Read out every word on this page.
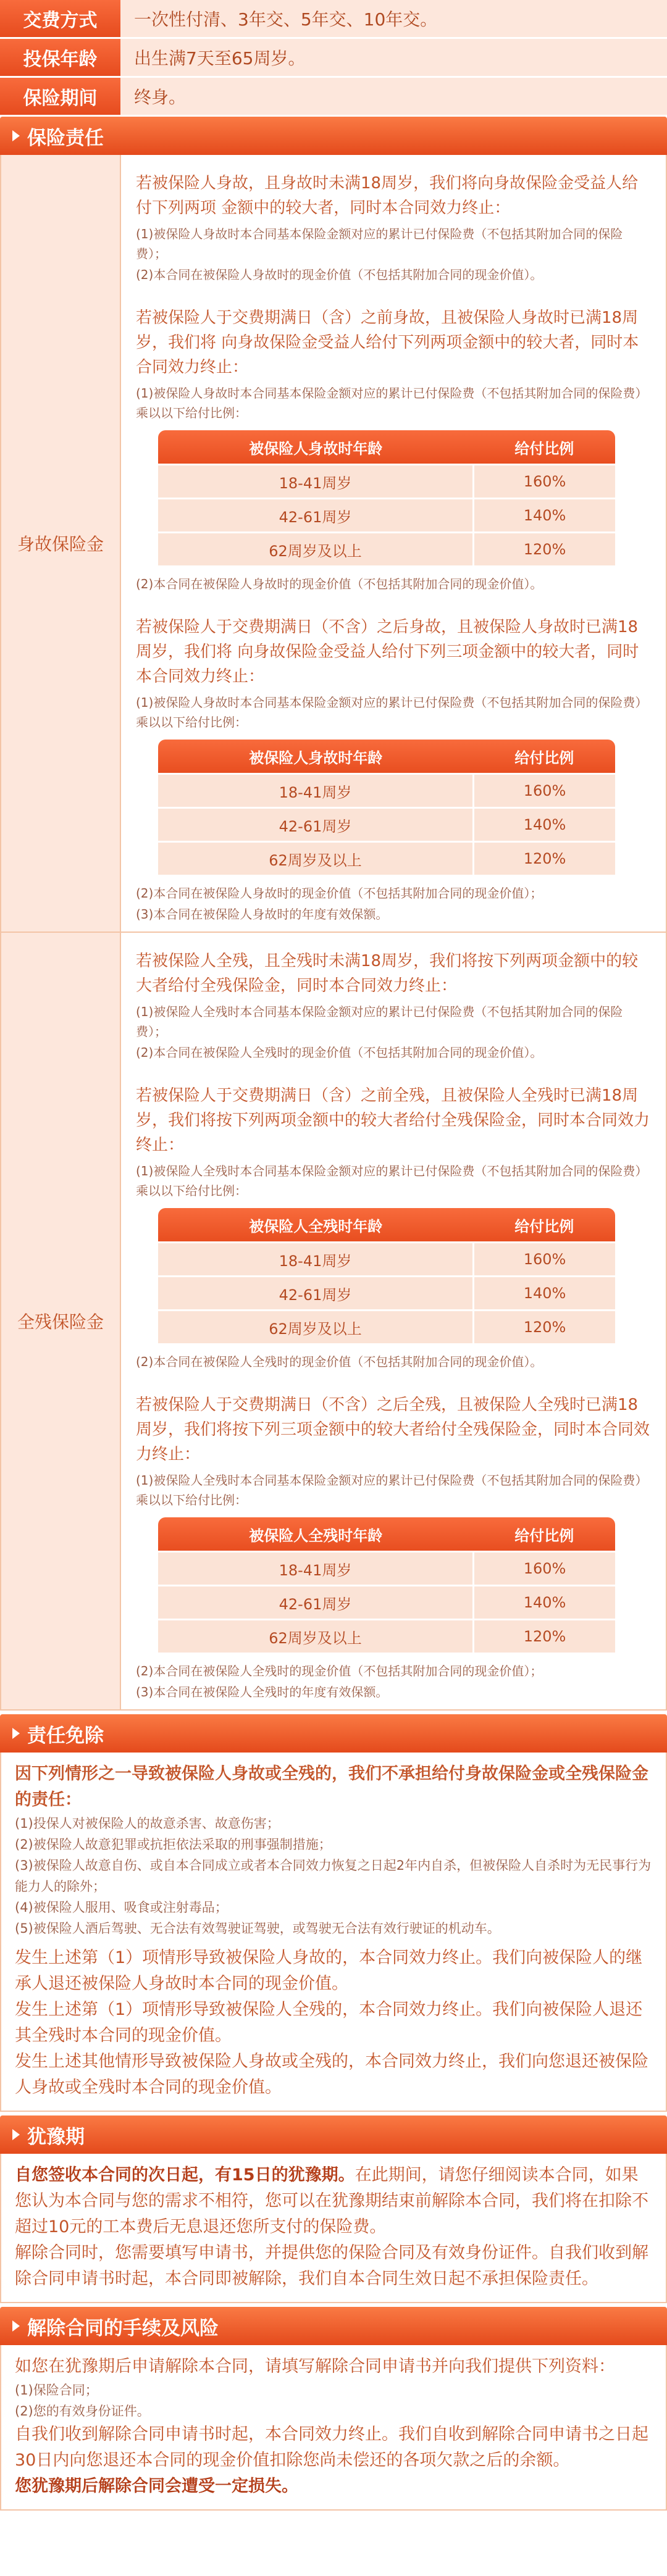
交费方式	一次性付清、3年交、5年交、10年交。
投保年龄	出生满7天至65周岁。
保险期间	终身。
保险责任
身故保险金

若被保险人身故，且身故时未满18周岁，我们将向身故保险金受益人给付下列两项 金额中的较大者，同时本合同效力终止：

(1)被保险人身故时本合同基本保险金额对应的累计已付保险费（不包括其附加合同的保险费）；

(2)本合同在被保险人身故时的现金价值（不包括其附加合同的现金价值）。

若被保险人于交费期满日（含）之前身故，且被保险人身故时已满18周岁，我们将 向身故保险金受益人给付下列两项金额中的较大者，同时本合同效力终止：

(1)被保险人身故时本合同基本保险金额对应的累计已付保险费（不包括其附加合同的保险费）乘以以下给付比例：

被保险人身故时年龄	给付比例
18-41周岁	160%
42-61周岁	140%
62周岁及以上	120%

(2)本合同在被保险人身故时的现金价值（不包括其附加合同的现金价值）。

若被保险人于交费期满日（不含）之后身故，且被保险人身故时已满18周岁，我们将 向身故保险金受益人给付下列三项金额中的较大者，同时本合同效力终止：

(1)被保险人身故时本合同基本保险金额对应的累计已付保险费（不包括其附加合同的保险费）乘以以下给付比例：

被保险人身故时年龄	给付比例
18-41周岁	160%
42-61周岁	140%
62周岁及以上	120%

(2)本合同在被保险人身故时的现金价值（不包括其附加合同的现金价值）；

(3)本合同在被保险人身故时的年度有效保额。

全残保险金

若被保险人全残，且全残时未满18周岁，我们将按下列两项金额中的较大者给付全残保险金，同时本合同效力终止：

(1)被保险人全残时本合同基本保险金额对应的累计已付保险费（不包括其附加合同的保险费）；

(2)本合同在被保险人全残时的现金价值（不包括其附加合同的现金价值）。

若被保险人于交费期满日（含）之前全残，且被保险人全残时已满18周岁，我们将按下列两项金额中的较大者给付全残保险金，同时本合同效力终止：

(1)被保险人全残时本合同基本保险金额对应的累计已付保险费（不包括其附加合同的保险费）乘以以下给付比例：

被保险人全残时年龄	给付比例
18-41周岁	160%
42-61周岁	140%
62周岁及以上	120%

(2)本合同在被保险人全残时的现金价值（不包括其附加合同的现金价值）。

若被保险人于交费期满日（不含）之后全残，且被保险人全残时已满18周岁，我们将按下列三项金额中的较大者给付全残保险金，同时本合同效力终止：

(1)被保险人全残时本合同基本保险金额对应的累计已付保险费（不包括其附加合同的保险费）乘以以下给付比例：

被保险人全残时年龄	给付比例
18-41周岁	160%
42-61周岁	140%
62周岁及以上	120%

(2)本合同在被保险人全残时的现金价值（不包括其附加合同的现金价值）；

(3)本合同在被保险人全残时的年度有效保额。

责任免除

因下列情形之一导致被保险人身故或全残的，我们不承担给付身故保险金或全残保险金的责任：

(1)投保人对被保险人的故意杀害、故意伤害；

(2)被保险人故意犯罪或抗拒依法采取的刑事强制措施；

(3)被保险人故意自伤、或自本合同成立或者本合同效力恢复之日起2年内自杀，但被保险人自杀时为无民事行为能力人的除外；

(4)被保险人服用、吸食或注射毒品；

(5)被保险人酒后驾驶、无合法有效驾驶证驾驶，或驾驶无合法有效行驶证的机动车。

发生上述第（1）项情形导致被保险人身故的，本合同效力终止。我们向被保险人的继承人退还被保险人身故时本合同的现金价值。

发生上述第（1）项情形导致被保险人全残的，本合同效力终止。我们向被保险人退还其全残时本合同的现金价值。

发生上述其他情形导致被保险人身故或全残的，本合同效力终止，我们向您退还被保险人身故或全残时本合同的现金价值。

犹豫期

自您签收本合同的次日起，有15日的犹豫期。在此期间，请您仔细阅读本合同，如果您认为本合同与您的需求不相符，您可以在犹豫期结束前解除本合同，我们将在扣除不超过10元的工本费后无息退还您所支付的保险费。

解除合同时，您需要填写申请书，并提供您的保险合同及有效身份证件。自我们收到解除合同申请书时起，本合同即被解除，我们自本合同生效日起不承担保险责任。

解除合同的手续及风险

如您在犹豫期后申请解除本合同，请填写解除合同申请书并向我们提供下列资料：

(1)保险合同；

(2)您的有效身份证件。

自我们收到解除合同申请书时起，本合同效力终止。我们自收到解除合同申请书之日起30日内向您退还本合同的现金价值扣除您尚未偿还的各项欠款之后的余额。

您犹豫期后解除合同会遭受一定损失。
